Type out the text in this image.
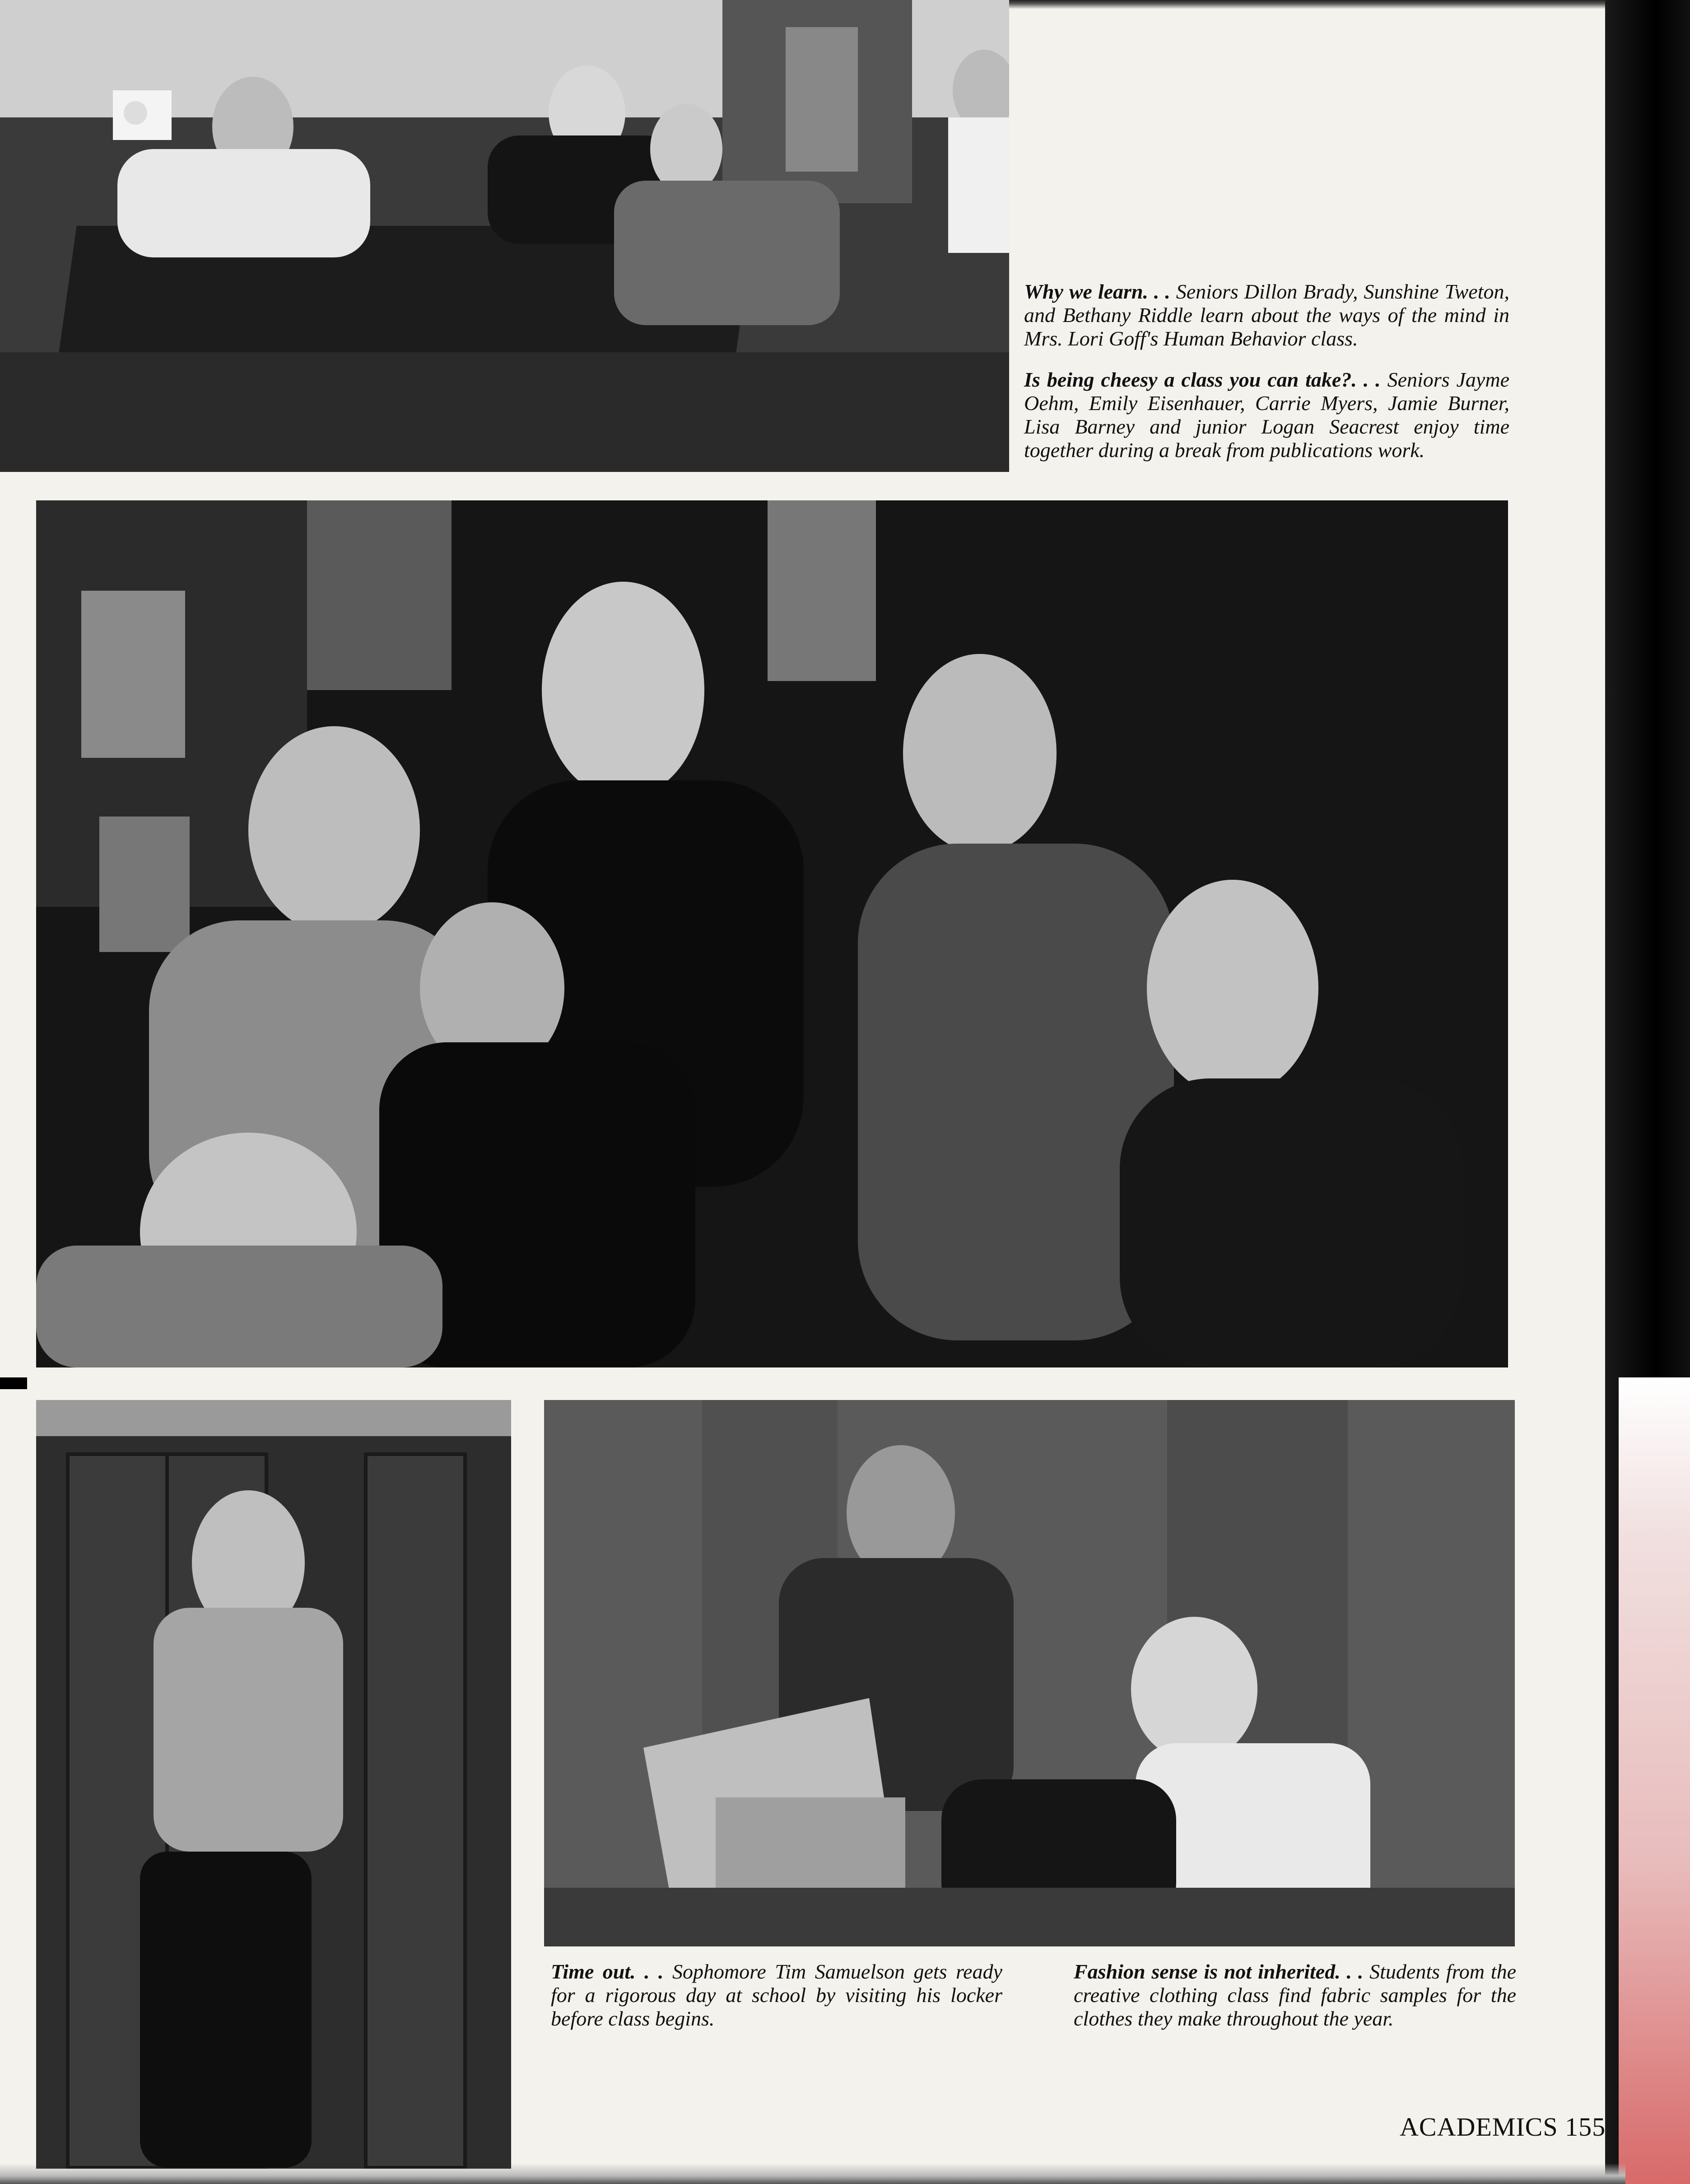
Why we learn. . . Seniors Dillon Brady, Sunshine Tweton, and Bethany Riddle learn about the ways of the mind in Mrs. Lori Goff's Human Behavior class.
Is being cheesy a class you can take?. . . Seniors Jayme Oehm, Emily Eisenhauer, Carrie Myers, Jamie Burner, Lisa Barney and junior Logan Seacrest enjoy time together during a break from publications work.
Time out. . . Sophomore Tim Samuelson gets ready for a rigorous day at school by visiting his locker before class begins.
Fashion sense is not inherited. . . Students from the creative clothing class find fabric samples for the clothes they make throughout the year.
ACADEMICS 155
